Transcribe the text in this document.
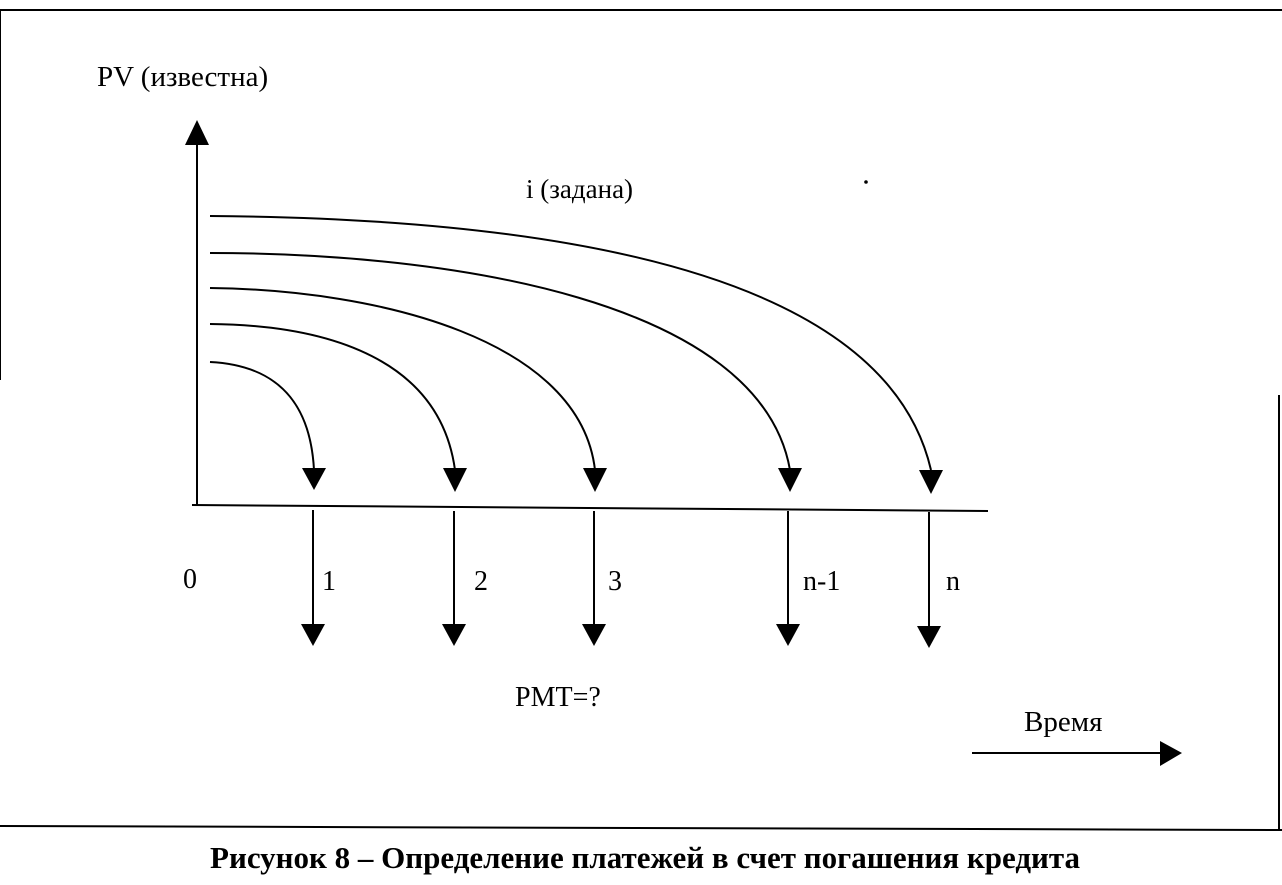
0	1	2	3	n-1	n
PV (известна)
i (задана)
PMT=?
Время
Рисунок 8 – Определение платежей в счет погашения кредита
